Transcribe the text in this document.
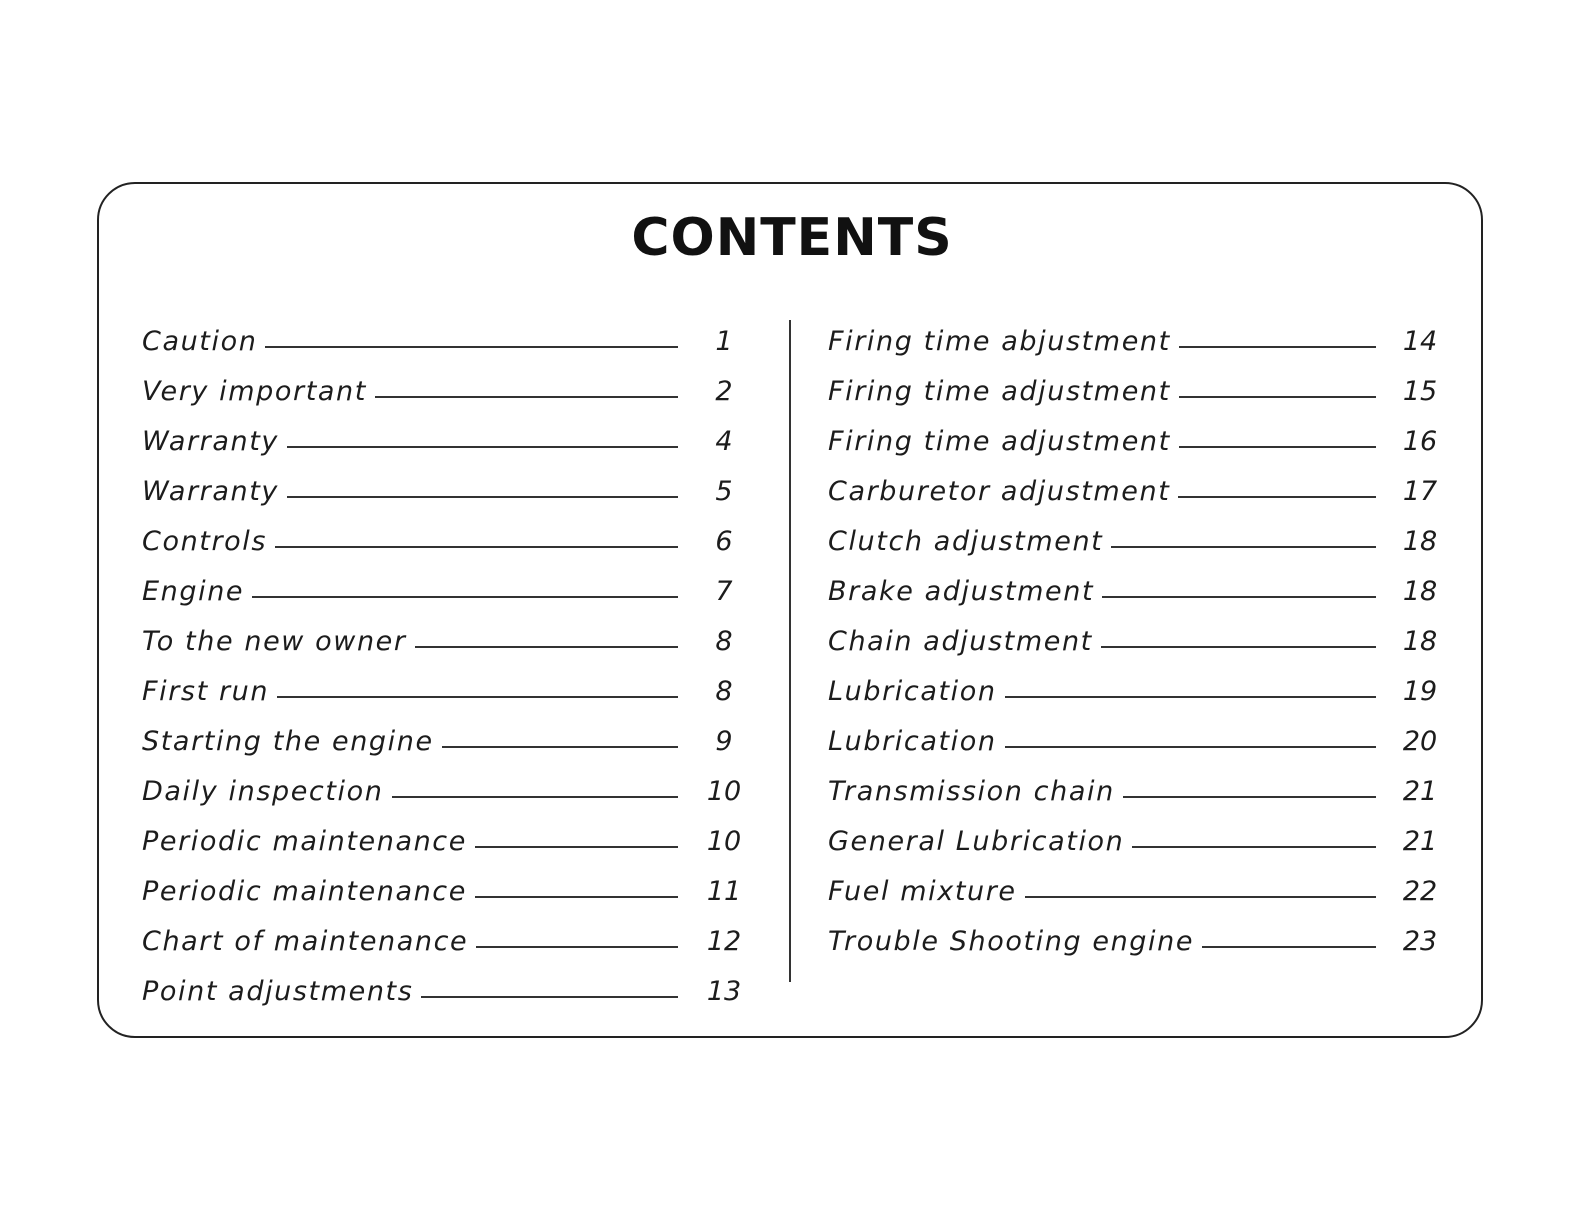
CONTENTS
Caution	1
Very important	2
Warranty	4
Warranty	5
Controls	6
Engine	7
To the new owner	8
First run	8
Starting the engine	9
Daily inspection	10
Periodic maintenance	10
Periodic maintenance	11
Chart of maintenance	12
Point adjustments	13
Firing time abjustment	14
Firing time adjustment	15
Firing time adjustment	16
Carburetor adjustment	17
Clutch adjustment	18
Brake adjustment	18
Chain adjustment	18
Lubrication	19
Lubrication	20
Transmission chain	21
General Lubrication	21
Fuel mixture	22
Trouble Shooting engine	23
